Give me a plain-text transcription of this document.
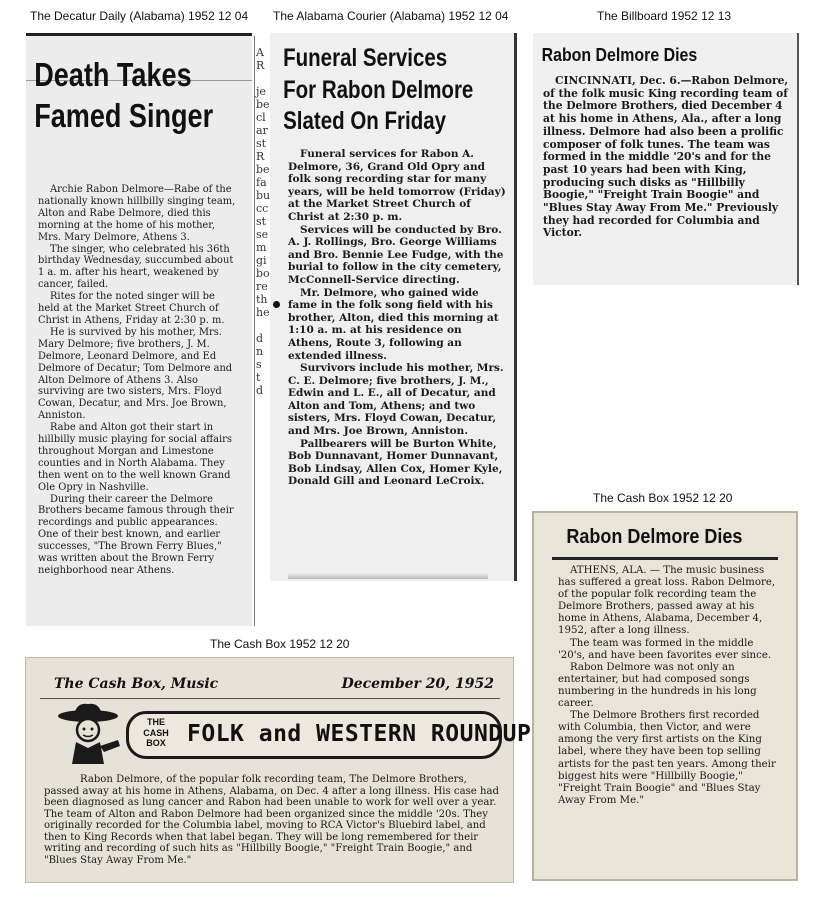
The Decatur Daily (Alabama) 1952 12 04 The Alabama Courier (Alabama) 1952 12 04	The Billboard 1952 12 13
The Cash Box 1952 12 20
The Cash Box 1952 12 20
Death Takes
Famed Singer

Archie Rabon Delmore—Rabe of the nationally known hillbilly singing team, Alton and Rabe Delmore, died this morning at the home of his mother, Mrs. Mary Delmore, Athens 3.

The singer, who celebrated his 36th birthday Wednesday, succumbed about 1 a. m. after his heart, weakened by cancer, failed.

Rites for the noted singer will be held at the Market Street Church of Christ in Athens, Friday at 2:30 p. m.

He is survived by his mother, Mrs. Mary Delmore; five brothers, J. M. Delmore, Leonard Delmore, and Ed Delmore of Decatur; Tom Delmore and Alton Delmore of Athens 3. Also surviving are two sisters, Mrs. Floyd Cowan, Decatur, and Mrs. Joe Brown, Anniston.

Rabe and Alton got their start in hillbilly music playing for social affairs throughout Morgan and Limestone counties and in North Alabama. They then went on to the well known Grand Ole Opry in Nashville.

During their career the Delmore Brothers became famous through their recordings and public appearances. One of their best known, and earlier successes, "The Brown Ferry Blues," was written about the Brown Ferry neighborhood near Athens.

A
R

je
be
cl
ar
st
R
be
fa
bu
cc
st
se
m
gi
bo
re
th
he

d
n
s
t
d
Funeral Services
For Rabon Delmore
Slated On Friday

Funeral services for Rabon A. Delmore, 36, Grand Old Opry and folk song recording star for many years, will be held tomorrow (Friday) at the Market Street Church of Christ at 2:30 p. m.

Services will be conducted by Bro. A. J. Rollings, Bro. George Williams and Bro. Bennie Lee Fudge, with the burial to follow in the city cemetery, McConnell-Service directing.

Mr. Delmore, who gained wide fame in the folk song field with his brother, Alton, died this morning at 1:10 a. m. at his residence on Athens, Route 3, following an extended illness.

Survivors include his mother, Mrs. C. E. Delmore; five brothers, J. M., Edwin and L. E., all of Decatur, and Alton and Tom, Athens; and two sisters, Mrs. Floyd Cowan, Decatur, and Mrs. Joe Brown, Anniston.

Pallbearers will be Burton White, Bob Dunnavant, Homer Dunnavant, Bob Lindsay, Allen Cox, Homer Kyle, Donald Gill and Leonard LeCroix.

Rabon Delmore Dies

CINCINNATI, Dec. 6.—Rabon Delmore, of the folk music King recording team of the Delmore Brothers, died December 4 at his home in Athens, Ala., after a long illness. Delmore had also been a prolific composer of folk tunes. The team was formed in the middle '20's and for the past 10 years had been with King, producing such disks as "Hillbilly Boogie," "Freight Train Boogie" and "Blues Stay Away From Me." Previously they had recorded for Columbia and Victor.

Rabon Delmore Dies

ATHENS, ALA. — The music business has suffered a great loss. Rabon Delmore, of the popular folk recording team the Delmore Brothers, passed away at his home in Athens, Alabama, December 4, 1952, after a long illness.

The team was formed in the middle '20's, and have been favorites ever since.

Rabon Delmore was not only an entertainer, but had composed songs numbering in the hundreds in his long career.

The Delmore Brothers first recorded with Columbia, then Victor, and were among the very first artists on the King label, where they have been top selling artists for the past ten years. Among their biggest hits were "Hillbilly Boogie," "Freight Train Boogie" and "Blues Stay Away From Me."

The Cash Box, Music	December 20, 1952
THE CASH BOX FOLK and WESTERN ROUNDUP

Rabon Delmore, of the popular folk recording team, The Delmore Brothers, passed away at his home in Athens, Alabama, on Dec. 4 after a long illness. His case had been diagnosed as lung cancer and Rabon had been unable to work for well over a year. The team of Alton and Rabon Delmore had been organized since the middle '20s. They originally recorded for the Columbia label, moving to RCA Victor's Bluebird label, and then to King Records when that label began. They will be long remembered for their writing and recording of such hits as "Hillbilly Boogie," "Freight Train Boogie," and "Blues Stay Away From Me."
